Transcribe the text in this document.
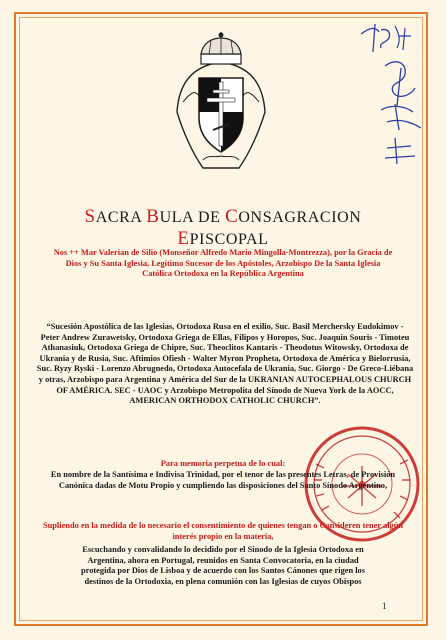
SACRA BULA DE CONSAGRACION EPISCOPAL
Nos ++ Mar Valerian de Silio (Monseñor Alfredo Mario Mingolla-Montrezza), por la Gracia de Dios y Su Santa Iglesia, Legítimo Sucesor de los Apóstoles, Arzobispo De la Santa Iglesia Católica Ortodoxa en la República Argentina
“Sucesión Apostólica de las Iglesias, Ortodoxa Rusa en el exilio, Suc. Basil Merchersky Eudokimov - Peter Andrew Zurawetsky, Ortodoxa Griega de Ellas, Filipos y Horopos, Suc. Joaquin Souris - Timoteu Athanasiuk, Ortodoxa Griega de Chipre, Suc. Theoclitos Kantaris - Theodotus Witowsky, Ortodoxa de Ukrania y de Rusia, Suc. Aftimios Ofiesh - Walter Myron Propheta, Ortodoxa de América y Bielorrusia, Suc. Ryzy Ryski - Lorenzo Abrugnedo, Ortodoxa Autocefala de Ukrania, Suc. Giorgo - De Greco-Liébana y otras, Arzobispo para Argentina y América del Sur de la UKRANIAN AUTOCEPHALOUS CHURCH OF AMÉRICA. SEC - UAOC y Arzobispo Metropolita del Sínodo de Nueva York de la AOCC, AMERICAN ORTHODOX CATHOLIC CHURCH”.
Para memoria perpetua de lo cual:
En nombre de la Santísima e Indivisa Trinidad, por el tenor de las presentes Letras, de Provisión Canónica dadas de Motu Propio y cumpliendo las disposiciones del Santo Sínodo Argentino,
Supliendo en la medida de lo necesario el consentimiento de quienes tengan o Consideren tener algún interés propio en la materia,
Escuchando y convalidando lo decidido por el Sínodo de la Iglesia Ortodoxa en
Argentina, ahora en Portugal, reunidos en Santa Convocatoria, en la ciudad
protegida por Dios de Lisboa y de acuerdo con los Santos Cánones que rigen los
destinos de la Ortodoxia, en plena comunión con las Iglesias de cuyos Obispos
1
